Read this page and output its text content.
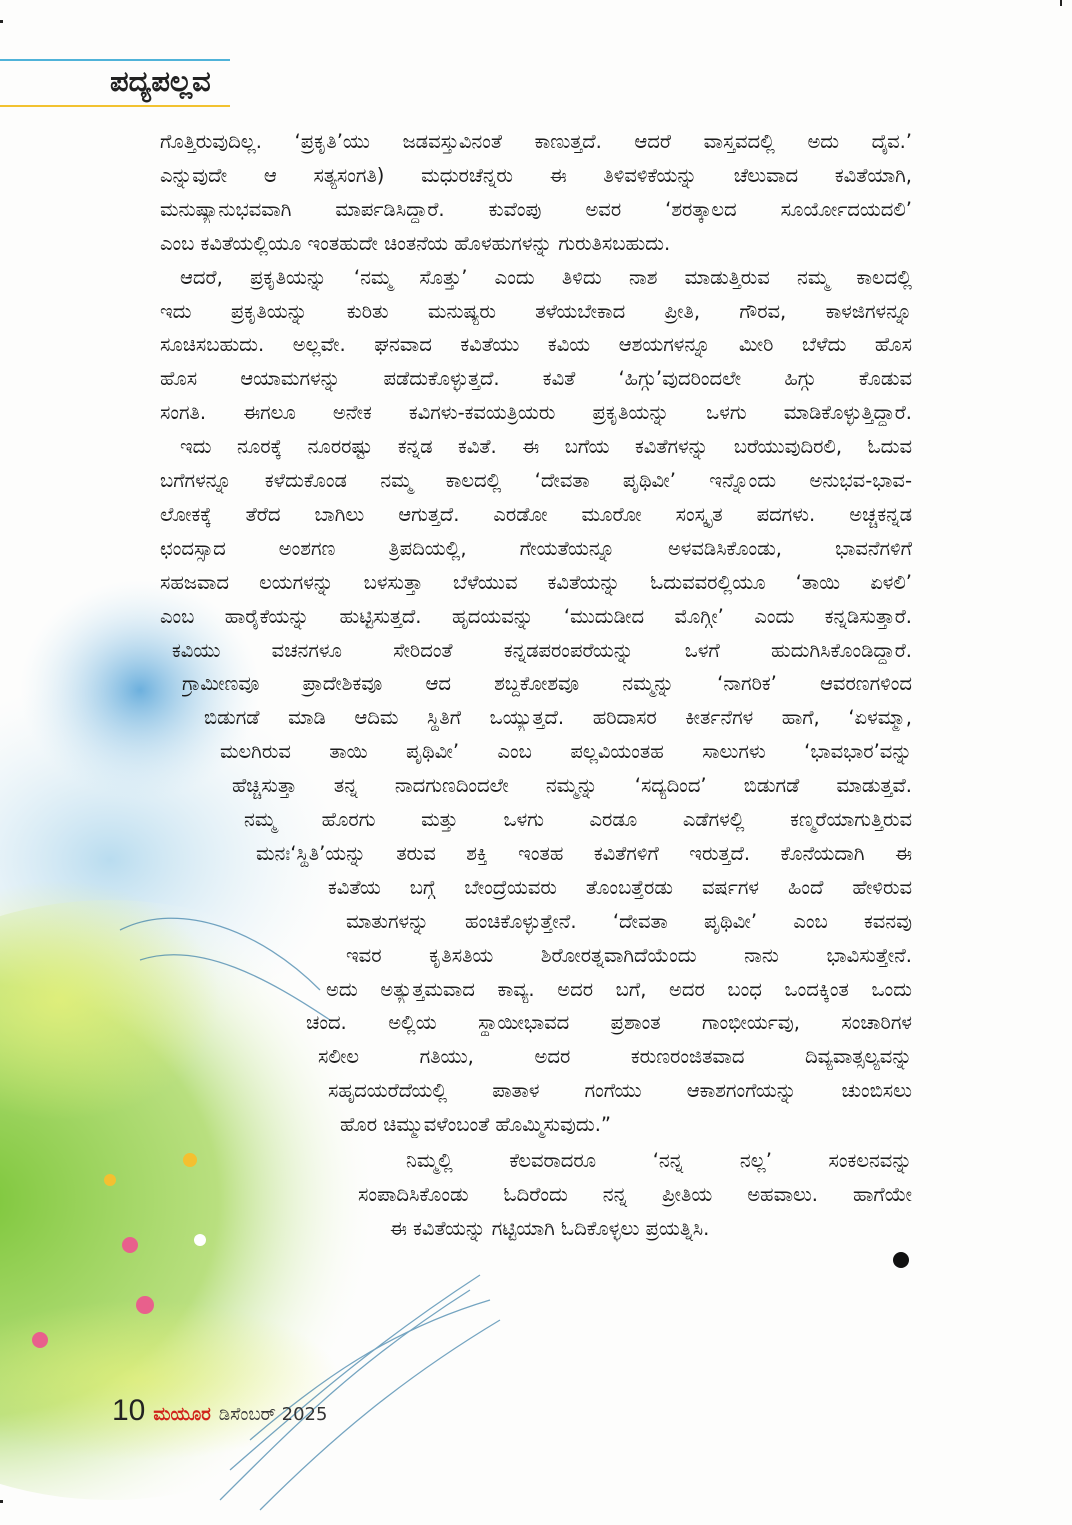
ಪದ್ಯಪಲ್ಲವ
ಗೊತ್ತಿರುವುದಿಲ್ಲ. ‘ಪ್ರಕೃತಿ’ಯು ಜಡವಸ್ತುವಿನಂತೆ ಕಾಣುತ್ತದೆ. ಆದರೆ ವಾಸ್ತವದಲ್ಲಿ ಅದು ದೈವ.’
ಎನ್ನುವುದೇ ಆ ಸತ್ಯಸಂಗತಿ) ಮಧುರಚೆನ್ನರು ಈ ತಿಳಿವಳಿಕೆಯನ್ನು ಚೆಲುವಾದ ಕವಿತೆಯಾಗಿ,
ಮನುಷ್ಯಾನುಭವವಾಗಿ ಮಾರ್ಪಡಿಸಿದ್ದಾರೆ. ಕುವೆಂಪು ಅವರ ‘ಶರತ್ಕಾಲದ ಸೂರ್ಯೋದಯದಲಿ’
ಎಂಬ ಕವಿತೆಯಲ್ಲಿಯೂ ಇಂತಹುದೇ ಚಿಂತನೆಯ ಹೊಳಹುಗಳನ್ನು ಗುರುತಿಸಬಹುದು.
ಆದರೆ, ಪ್ರಕೃತಿಯನ್ನು ‘ನಮ್ಮ ಸೊತ್ತು’ ಎಂದು ತಿಳಿದು ನಾಶ ಮಾಡುತ್ತಿರುವ ನಮ್ಮ ಕಾಲದಲ್ಲಿ
ಇದು ಪ್ರಕೃತಿಯನ್ನು ಕುರಿತು ಮನುಷ್ಯರು ತಳೆಯಬೇಕಾದ ಪ್ರೀತಿ, ಗೌರವ, ಕಾಳಜಿಗಳನ್ನೂ
ಸೂಚಿಸಬಹುದು. ಅಲ್ಲವೇ. ಘನವಾದ ಕವಿತೆಯು ಕವಿಯ ಆಶಯಗಳನ್ನೂ ಮೀರಿ ಬೆಳೆದು ಹೊಸ
ಹೊಸ ಆಯಾಮಗಳನ್ನು ಪಡೆದುಕೊಳ್ಳುತ್ತದೆ. ಕವಿತೆ ‘ಹಿಗ್ಗು’ವುದರಿಂದಲೇ ಹಿಗ್ಗು ಕೊಡುವ
ಸಂಗತಿ. ಈಗಲೂ ಅನೇಕ ಕವಿಗಳು-ಕವಯತ್ರಿಯರು ಪ್ರಕೃತಿಯನ್ನು ಒಳಗು ಮಾಡಿಕೊಳ್ಳುತ್ತಿದ್ದಾರೆ.
ಇದು ನೂರಕ್ಕೆ ನೂರರಷ್ಟು ಕನ್ನಡ ಕವಿತೆ. ಈ ಬಗೆಯ ಕವಿತೆಗಳನ್ನು ಬರೆಯುವುದಿರಲಿ, ಓದುವ
ಬಗೆಗಳನ್ನೂ ಕಳೆದುಕೊಂಡ ನಮ್ಮ ಕಾಲದಲ್ಲಿ ‘ದೇವತಾ ಪೃಥಿವೀ’ ಇನ್ನೊಂದು ಅನುಭವ-ಭಾವ-
ಲೋಕಕ್ಕೆ ತೆರೆದ ಬಾಗಿಲು ಆಗುತ್ತದೆ. ಎರಡೋ ಮೂರೋ ಸಂಸ್ಕೃತ ಪದಗಳು. ಅಚ್ಚಕನ್ನಡ
ಛಂದಸ್ಸಾದ ಅಂಶಗಣ ತ್ರಿಪದಿಯಲ್ಲಿ, ಗೇಯತೆಯನ್ನೂ ಅಳವಡಿಸಿಕೊಂಡು, ಭಾವನೆಗಳಿಗೆ
ಸಹಜವಾದ ಲಯಗಳನ್ನು ಬಳಸುತ್ತಾ ಬೆಳೆಯುವ ಕವಿತೆಯನ್ನು ಓದುವವರಲ್ಲಿಯೂ ‘ತಾಯಿ ಏಳಲಿ’
ಎಂಬ ಹಾರೈಕೆಯನ್ನು ಹುಟ್ಟಿಸುತ್ತದೆ. ಹೃದಯವನ್ನು ‘ಮುದುಡೀದ ಮೊಗ್ಗೀ’ ಎಂದು ಕನ್ನಡಿಸುತ್ತಾರೆ.
ಕವಿಯು ವಚನಗಳೂ ಸೇರಿದಂತೆ ಕನ್ನಡಪರಂಪರೆಯನ್ನು ಒಳಗೆ ಹುದುಗಿಸಿಕೊಂಡಿದ್ದಾರೆ.
ಗ್ರಾಮೀಣವೂ ಪ್ರಾದೇಶಿಕವೂ ಆದ ಶಬ್ದಕೋಶವೂ ನಮ್ಮನ್ನು ‘ನಾಗರಿಕ’ ಆವರಣಗಳಿಂದ
ಬಿಡುಗಡೆ ಮಾಡಿ ಆದಿಮ ಸ್ಥಿತಿಗೆ ಒಯ್ಯುತ್ತದೆ. ಹರಿದಾಸರ ಕೀರ್ತನೆಗಳ ಹಾಗೆ, ‘ಏಳಮ್ಮಾ,
ಮಲಗಿರುವ ತಾಯಿ ಪೃಥಿವೀ’ ಎಂಬ ಪಲ್ಲವಿಯಂತಹ ಸಾಲುಗಳು ‘ಭಾವಭಾರ’ವನ್ನು
ಹೆಚ್ಚಿಸುತ್ತಾ ತನ್ನ ನಾದಗುಣದಿಂದಲೇ ನಮ್ಮನ್ನು ‘ಸದ್ಯದಿಂದ’ ಬಿಡುಗಡೆ ಮಾಡುತ್ತವೆ.
ನಮ್ಮ ಹೊರಗು ಮತ್ತು ಒಳಗು ಎರಡೂ ಎಡೆಗಳಲ್ಲಿ ಕಣ್ಮರೆಯಾಗುತ್ತಿರುವ
ಮನಃ‘ಸ್ಥಿತಿ’ಯನ್ನು ತರುವ ಶಕ್ತಿ ಇಂತಹ ಕವಿತೆಗಳಿಗೆ ಇರುತ್ತದೆ. ಕೊನೆಯದಾಗಿ ಈ
ಕವಿತೆಯ ಬಗ್ಗೆ ಬೇಂದ್ರೆಯವರು ತೊಂಬತ್ತೆರಡು ವರ್ಷಗಳ ಹಿಂದೆ ಹೇಳಿರುವ
ಮಾತುಗಳನ್ನು ಹಂಚಿಕೊಳ್ಳುತ್ತೇನೆ. ‘ದೇವತಾ ಪೃಥಿವೀ’ ಎಂಬ ಕವನವು
ಇವರ ಕೃತಿಸತಿಯ ಶಿರೋರತ್ನವಾಗಿದೆಯೆಂದು ನಾನು ಭಾವಿಸುತ್ತೇನೆ.
ಅದು ಅತ್ಯುತ್ತಮವಾದ ಕಾವ್ಯ. ಅದರ ಬಗೆ, ಅದರ ಬಂಧ ಒಂದಕ್ಕಿಂತ ಒಂದು
ಚಂದ. ಅಲ್ಲಿಯ ಸ್ಥಾಯೀಭಾವದ ಪ್ರಶಾಂತ ಗಾಂಭೀರ್ಯವು, ಸಂಚಾರಿಗಳ
ಸಲೀಲ ಗತಿಯು, ಅದರ ಕರುಣರಂಜಿತವಾದ ದಿವ್ಯವಾತ್ಸಲ್ಯವನ್ನು
ಸಹೃದಯರೆದೆಯಲ್ಲಿ ಪಾತಾಳ ಗಂಗೆಯು ಆಕಾಶಗಂಗೆಯನ್ನು ಚುಂಬಿಸಲು
ಹೊರ ಚಿಮ್ಮುವಳೆಂಬಂತೆ ಹೊಮ್ಮಿಸುವುದು.”
ನಿಮ್ಮಲ್ಲಿ ಕೆಲವರಾದರೂ ‘ನನ್ನ ನಲ್ಲ’ ಸಂಕಲನವನ್ನು
ಸಂಪಾದಿಸಿಕೊಂಡು ಓದಿರೆಂದು ನನ್ನ ಪ್ರೀತಿಯ ಅಹವಾಲು. ಹಾಗೆಯೇ
ಈ ಕವಿತೆಯನ್ನು ಗಟ್ಟಿಯಾಗಿ ಓದಿಕೊಳ್ಳಲು ಪ್ರಯತ್ನಿಸಿ.
10 ಮಯೂರ ಡಿಸೆಂಬರ್ 2025
